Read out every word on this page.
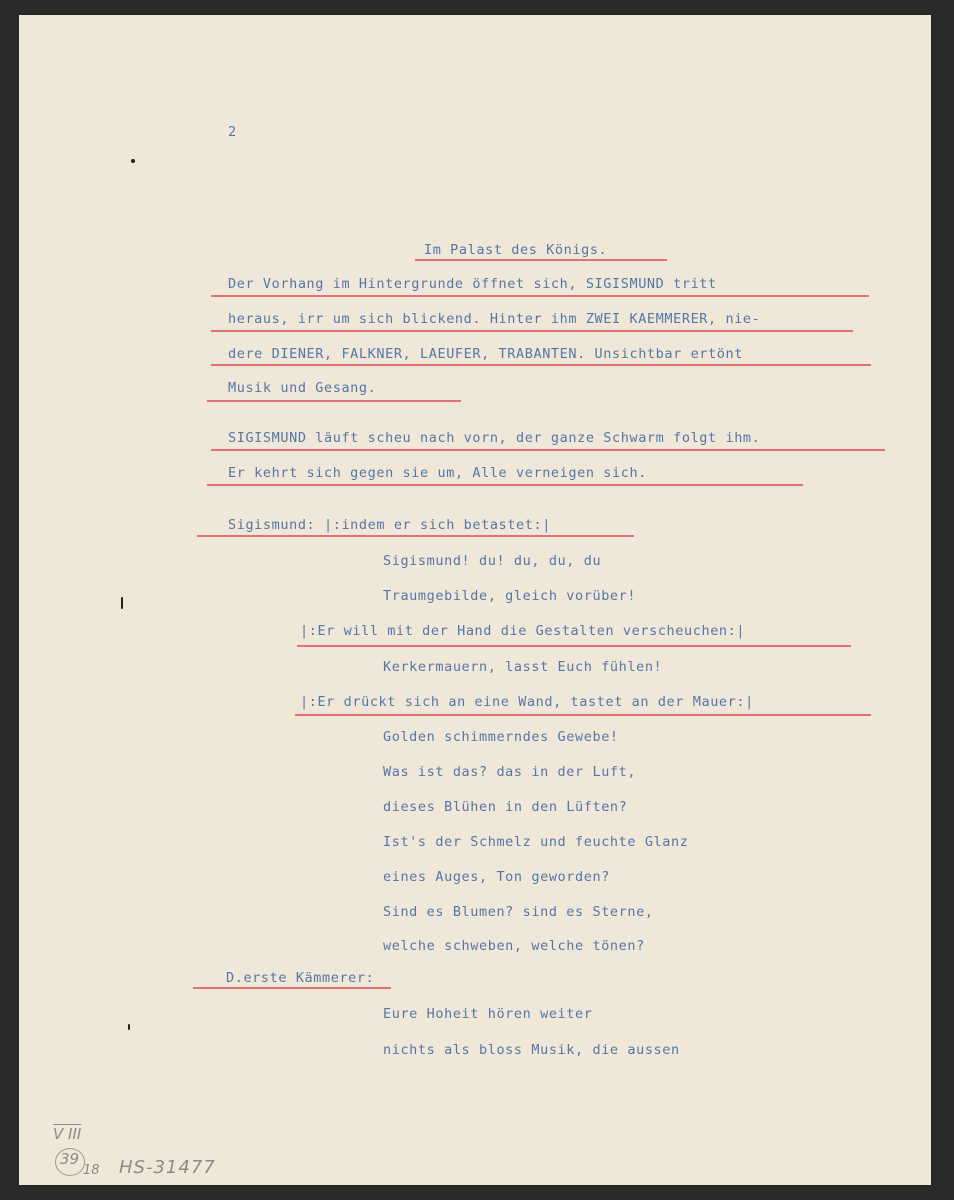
2
Im Palast des Königs.
Der Vorhang im Hintergrunde öffnet sich, SIGISMUND tritt
heraus, irr um sich blickend. Hinter ihm ZWEI KAEMMERER, nie-
dere DIENER, FALKNER, LAEUFER, TRABANTEN. Unsichtbar ertönt
Musik und Gesang.
SIGISMUND läuft scheu nach vorn, der ganze Schwarm folgt ihm.
Er kehrt sich gegen sie um, Alle verneigen sich.
Sigismund: |:indem er sich betastet:|
Sigismund! du! du, du, du
Traumgebilde, gleich vorüber!
|:Er will mit der Hand die Gestalten verscheuchen:|
Kerkermauern, lasst Euch fühlen!
|:Er drückt sich an eine Wand, tastet an der Mauer:|
Golden schimmerndes Gewebe!
Was ist das? das in der Luft,
dieses Blühen in den Lüften?
Ist's der Schmelz und feuchte Glanz
eines Auges, Ton geworden?
Sind es Blumen? sind es Sterne,
welche schweben, welche tönen?
D.erste Kämmerer:
Eure Hoheit hören weiter
nichts als bloss Musik, die aussen
V III
39
18 HS-31477
